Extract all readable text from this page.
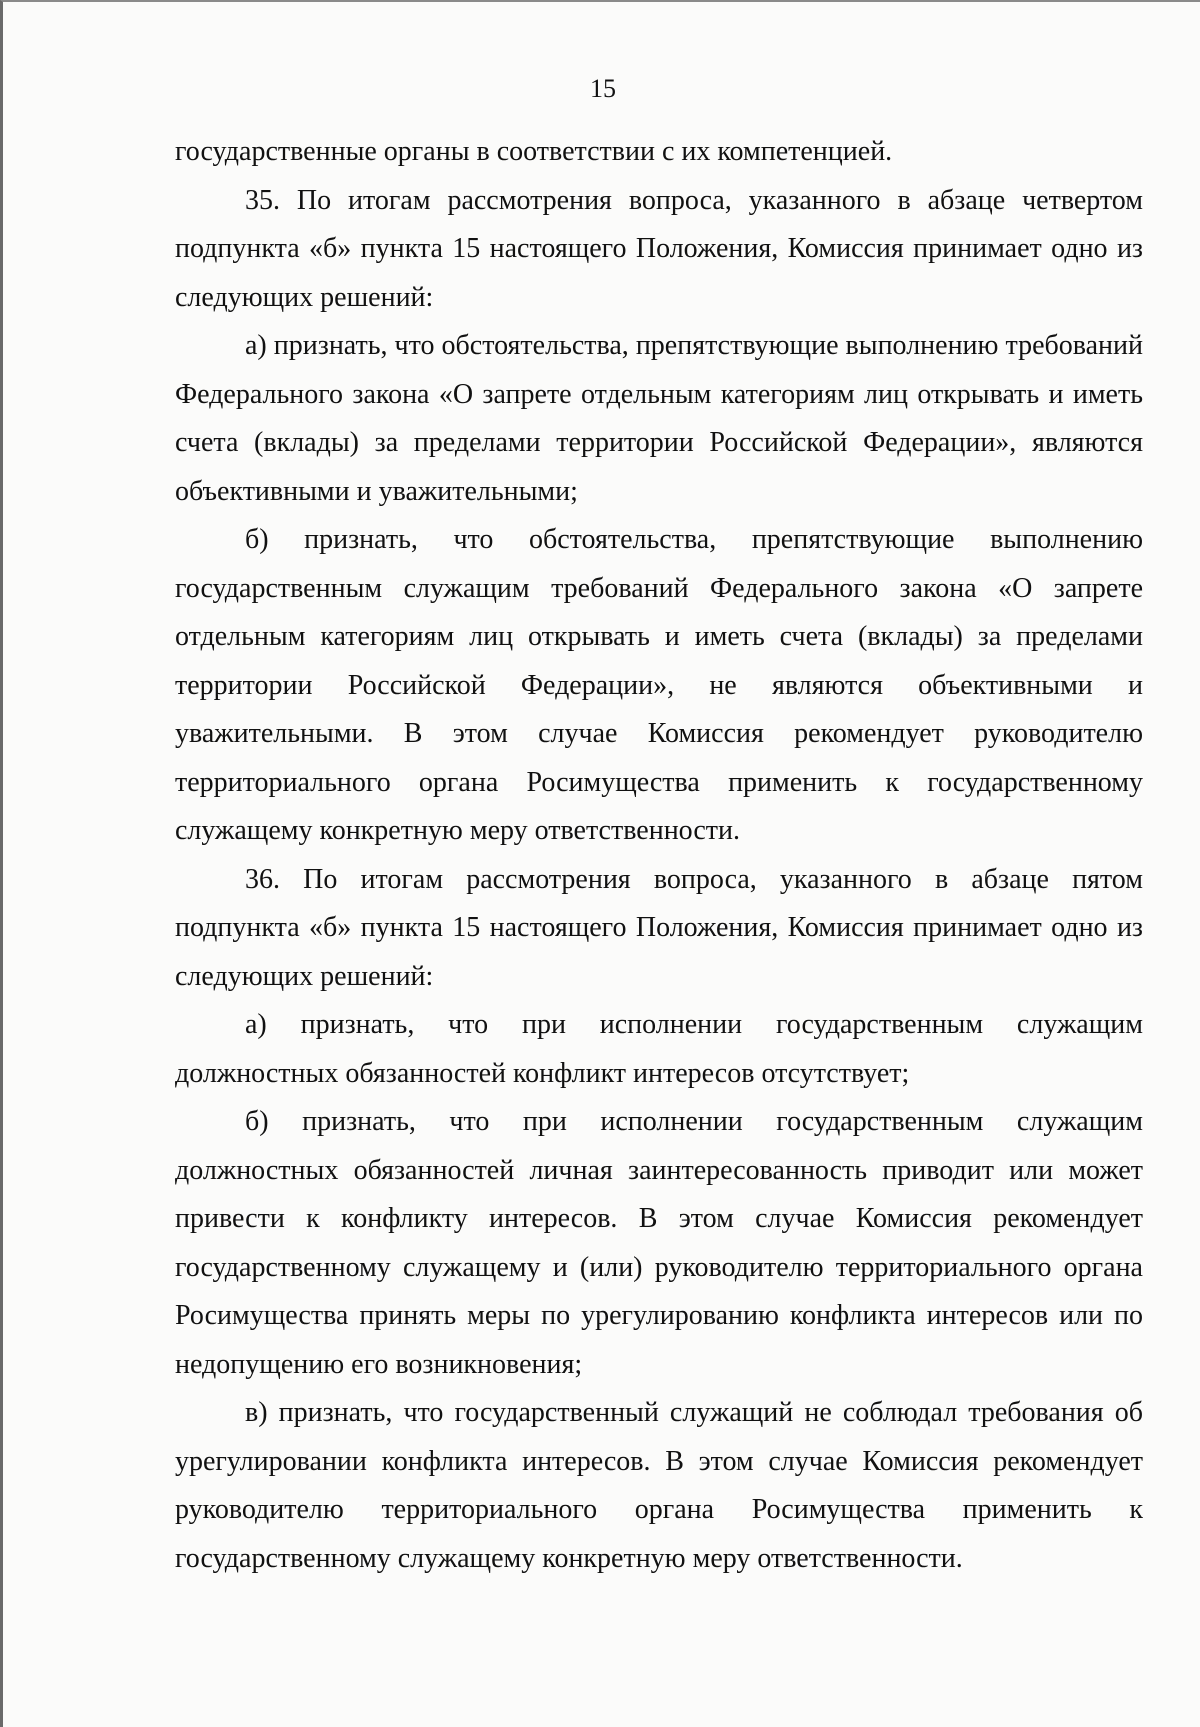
15

государственные органы в соответствии с их компетенцией.

35. По итогам рассмотрения вопроса, указанного в абзаце четвертом подпункта «б» пункта 15 настоящего Положения, Комиссия принимает одно из следующих решений:

а) признать, что обстоятельства, препятствующие выполнению требований Федерального закона «О запрете отдельным категориям лиц открывать и иметь счета (вклады) за пределами территории Российской Федерации», являются объективными и уважительными;

б) признать, что обстоятельства, препятствующие выполнению государственным служащим требований Федерального закона «О запрете отдельным категориям лиц открывать и иметь счета (вклады) за пределами территории Российской Федерации», не являются объективными и уважительными. В этом случае Комиссия рекомендует руководителю территориального органа Росимущества применить к государственному служащему конкретную меру ответственности.

36. По итогам рассмотрения вопроса, указанного в абзаце пятом подпункта «б» пункта 15 настоящего Положения, Комиссия принимает одно из следующих решений:

а) признать, что при исполнении государственным служащим должностных обязанностей конфликт интересов отсутствует;

б) признать, что при исполнении государственным служащим должностных обязанностей личная заинтересованность приводит или может привести к конфликту интересов. В этом случае Комиссия рекомендует государственному служащему и (или) руководителю территориального органа Росимущества принять меры по урегулированию конфликта интересов или по недопущению его возникновения;

в) признать, что государственный служащий не соблюдал требования об урегулировании конфликта интересов. В этом случае Комиссия рекомендует руководителю территориального органа Росимущества применить к государственному служащему конкретную меру ответственности.
